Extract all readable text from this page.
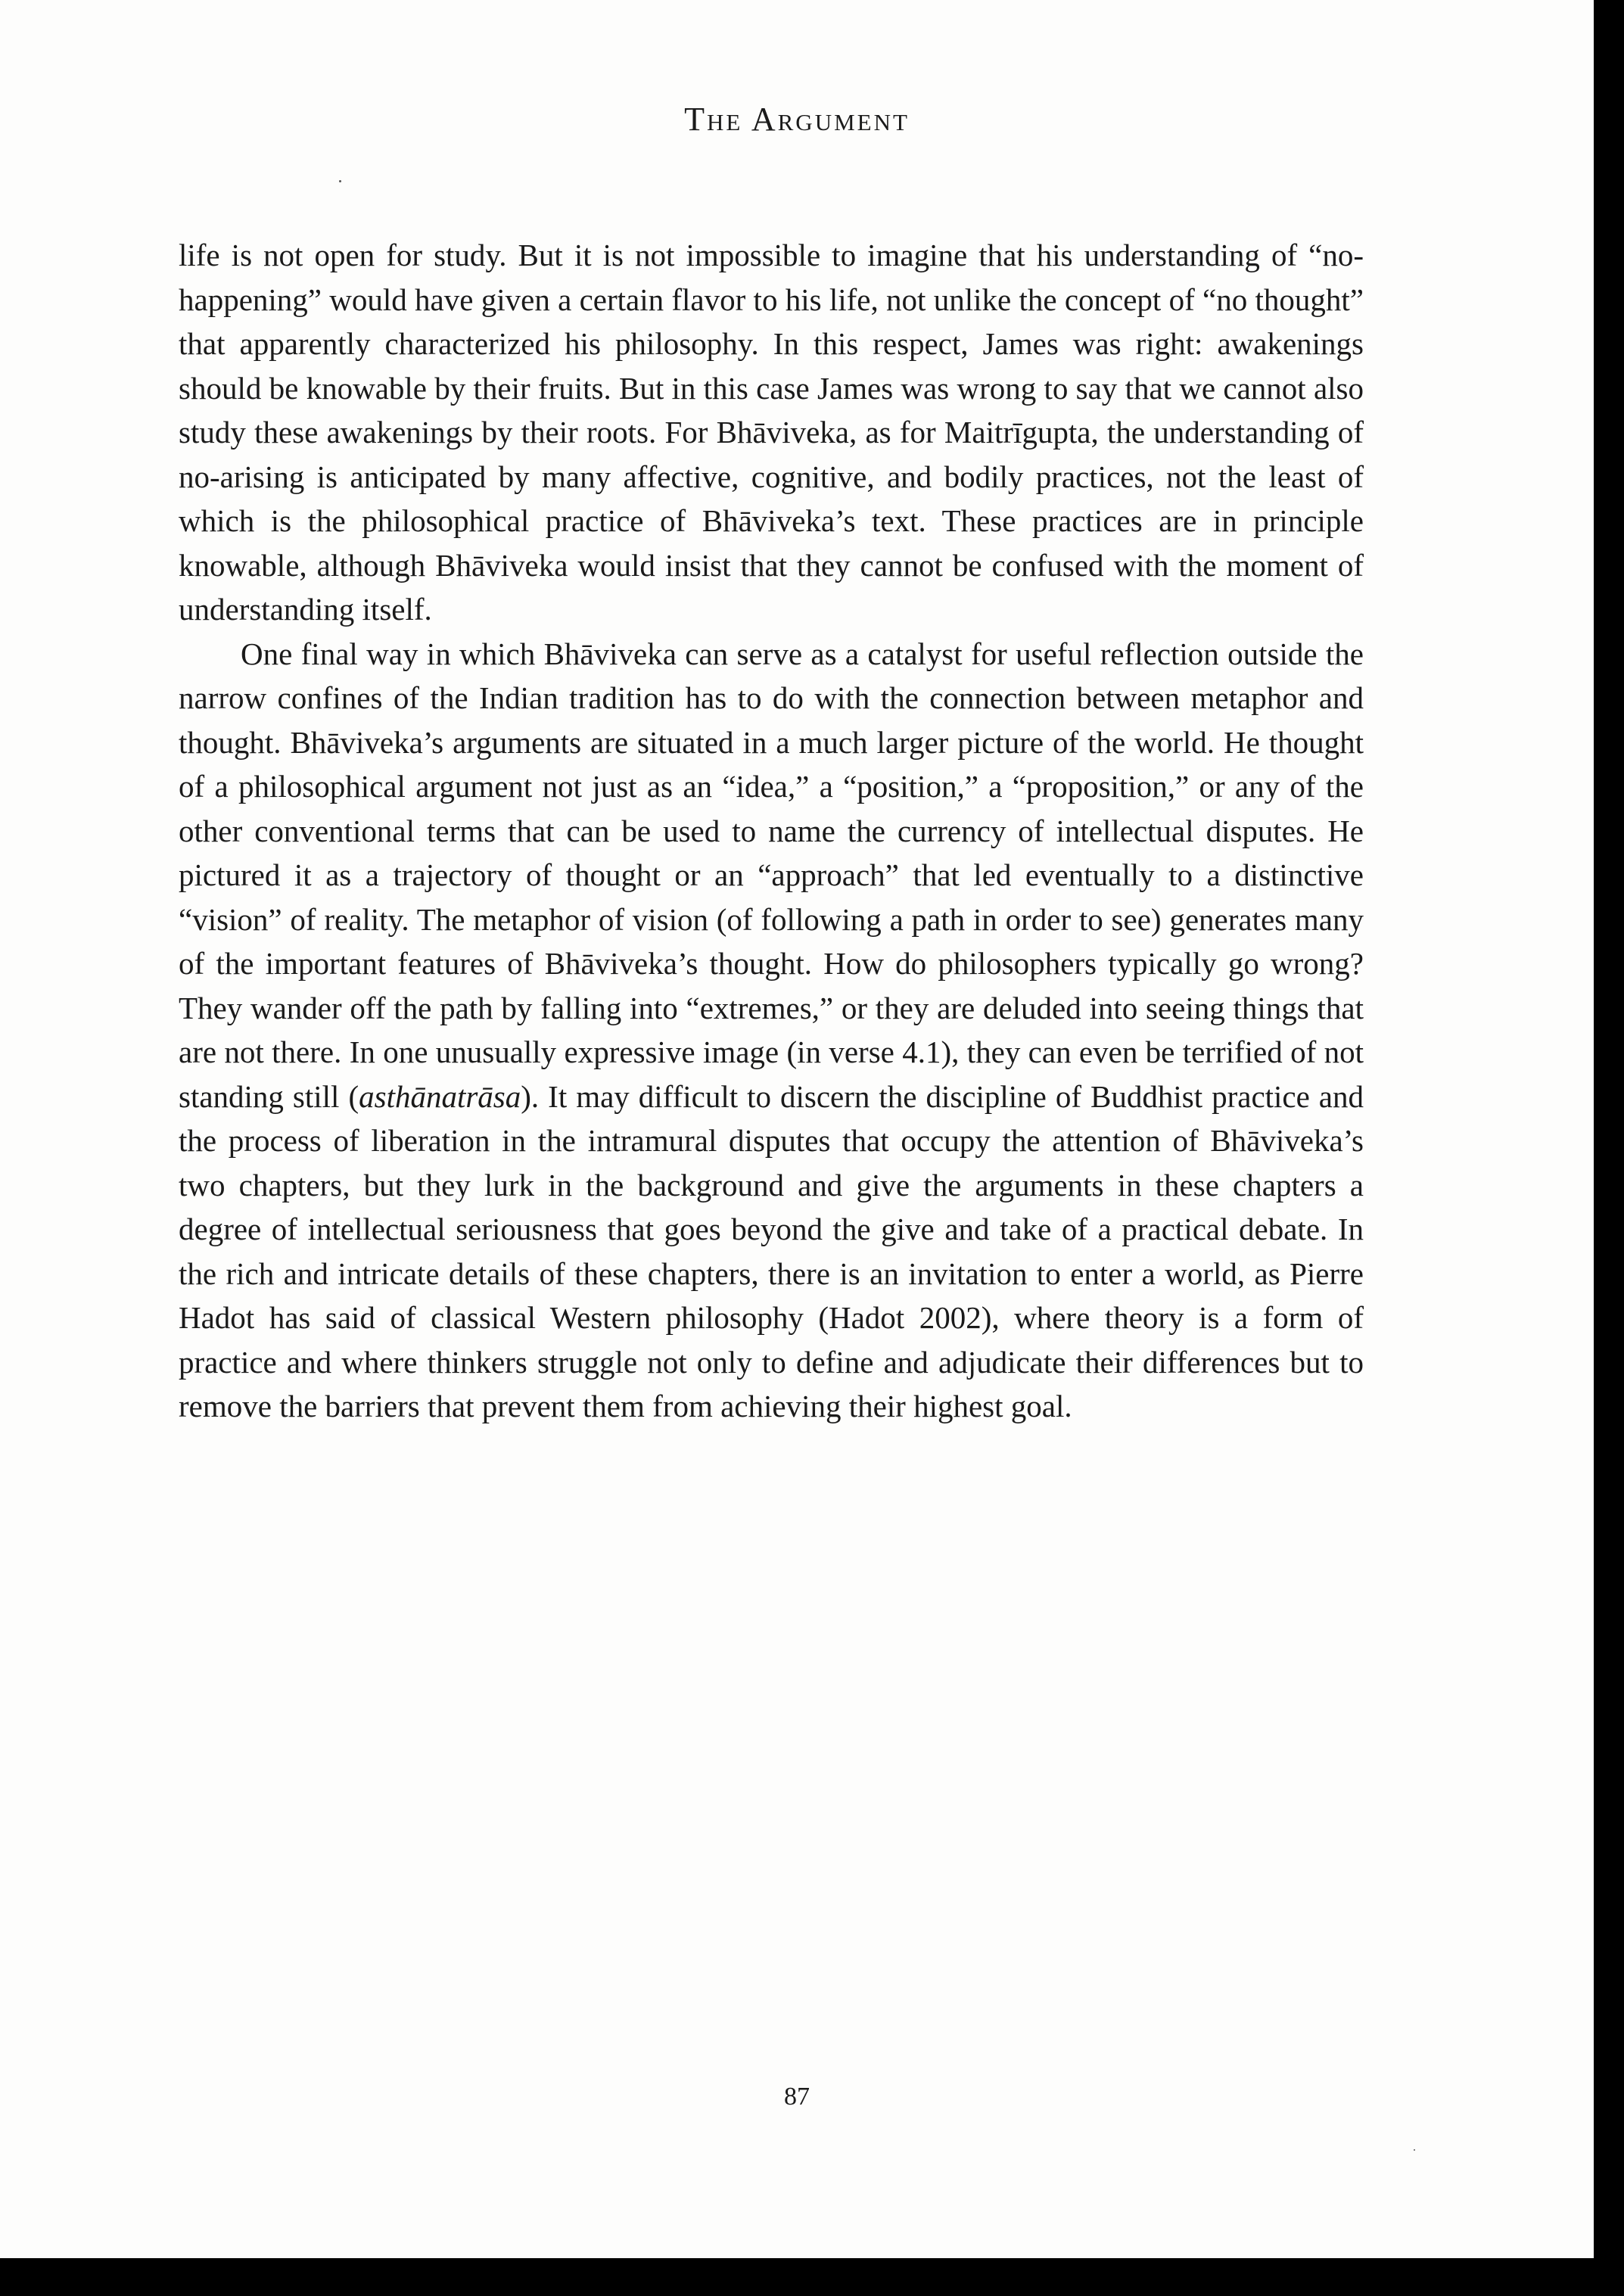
The Argument

life is not open for study. But it is not impossible to imagine that his understanding of “no-happening” would have given a certain flavor to his life, not unlike the concept of “no thought” that apparently characterized his philosophy. In this respect, James was right: awakenings should be knowable by their fruits. But in this case James was wrong to say that we cannot also study these awakenings by their roots. For Bhāviveka, as for Maitrīgupta, the understanding of no-arising is anticipated by many affective, cognitive, and bodily practices, not the least of which is the philosophical practice of Bhāviveka’s text. These practices are in principle knowable, although Bhāviveka would insist that they cannot be confused with the moment of understanding itself.

One final way in which Bhāviveka can serve as a catalyst for useful reflection outside the narrow confines of the Indian tradition has to do with the connection between metaphor and thought. Bhāviveka’s arguments are situated in a much larger picture of the world. He thought of a philosophical argument not just as an “idea,” a “position,” a “proposition,” or any of the other conventional terms that can be used to name the currency of intellectual disputes. He pictured it as a trajectory of thought or an “approach” that led eventually to a distinctive “vision” of reality. The metaphor of vision (of following a path in order to see) generates many of the important features of Bhāviveka’s thought. How do philosophers typically go wrong? They wander off the path by falling into “extremes,” or they are deluded into seeing things that are not there. In one unusually expressive image (in verse 4.1), they can even be terrified of not standing still (asthānatrāsa). It may difficult to discern the discipline of Buddhist practice and the process of liberation in the intramural disputes that occupy the attention of Bhāviveka’s two chapters, but they lurk in the background and give the arguments in these chapters a degree of intellectual seriousness that goes beyond the give and take of a practical debate. In the rich and intricate details of these chapters, there is an invitation to enter a world, as Pierre Hadot has said of classical Western philosophy (Hadot 2002), where theory is a form of practice and where thinkers struggle not only to define and adjudicate their differences but to remove the barriers that prevent them from achieving their highest goal.

87
